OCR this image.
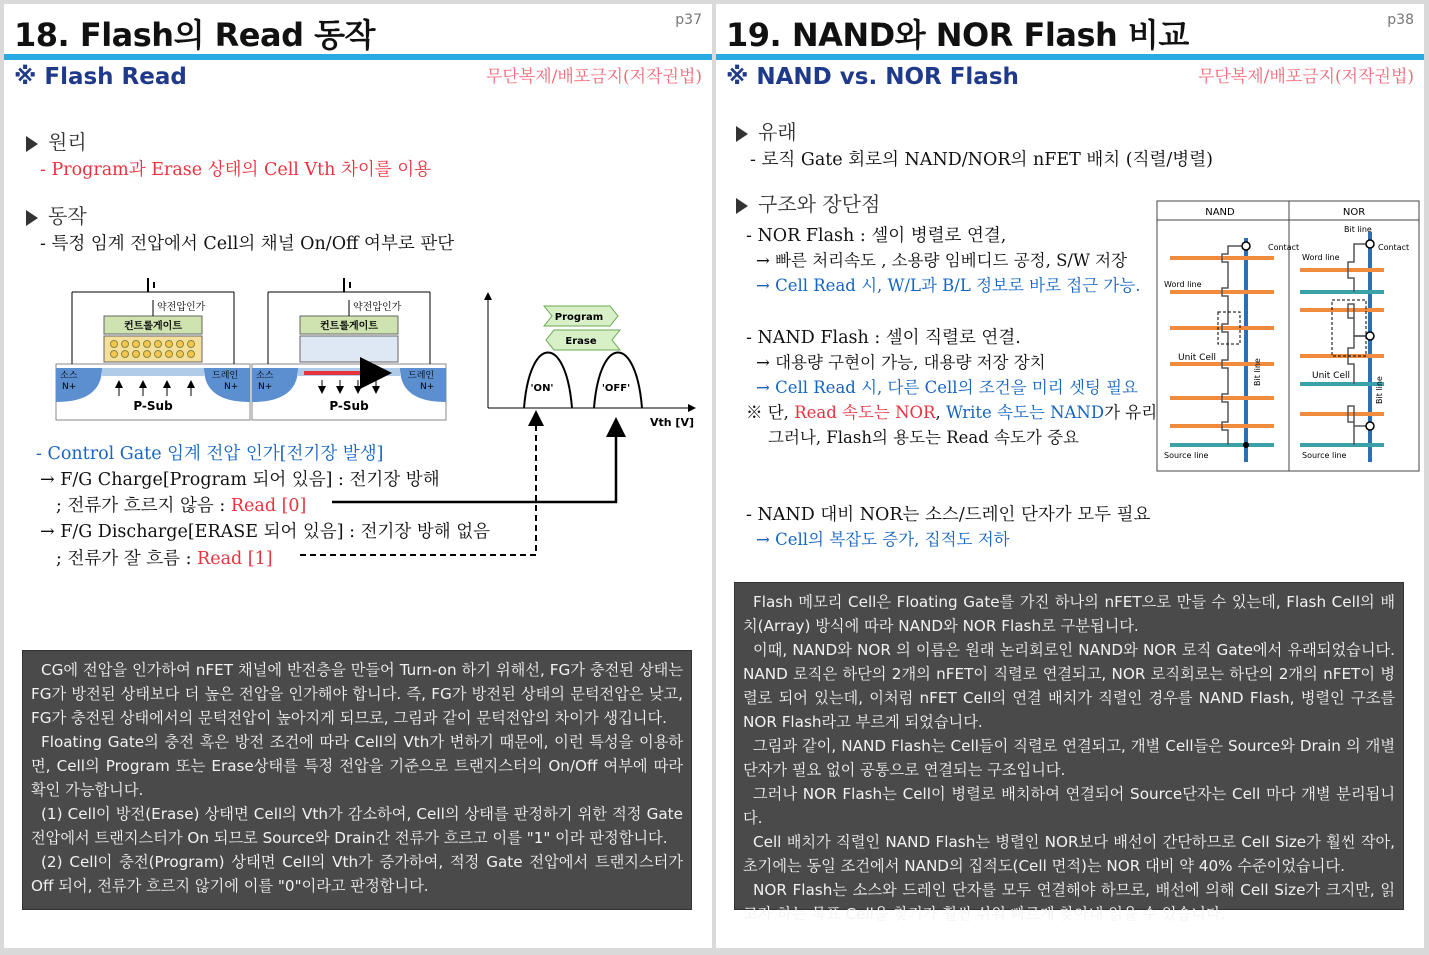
18. Flash의 Read 동작	p37
※ Flash Read	무단복제/배포금지(저작권법)
원리
- Program과 Erase 상태의 Cell Vth 차이를 이용
동작
- 특정 임계 전압에서 Cell의 채널 On/Off 여부로 판단
컨트롤게이트
약전압인가
소스
N+
드레인
N+
P-Sub
컨트롤게이트
약전압인가
소스
N+
드레인
N+
P-Sub
Program
Erase
'ON'	'OFF'
Vth [V]
- Control Gate 임계 전압 인가[전기장 발생]
→ F/G Charge[Program 되어 있음] : 전기장 방해
; 전류가 흐르지 않음 : Read [0]
→ F/G Discharge[ERASE 되어 있음] : 전기장 방해 없음
; 전류가 잘 흐름 : Read [1]

CG에 전압을 인가하여 nFET 채널에 반전층을 만들어 Turn-on 하기 위해선, FG가 충전된 상태는 FG가 방전된 상태보다 더 높은 전압을 인가해야 합니다. 즉, FG가 방전된 상태의 문턱전압은 낮고, FG가 충전된 상태에서의 문턱전압이 높아지게 되므로, 그림과 같이 문턱전압의 차이가 생깁니다.

Floating Gate의 충전 혹은 방전 조건에 따라 Cell의 Vth가 변하기 때문에, 이런 특성을 이용하면, Cell의 Program 또는 Erase상태를 특정 전압을 기준으로 트랜지스터의 On/Off 여부에 따라 확인 가능합니다.

(1) Cell이 방전(Erase) 상태면 Cell의 Vth가 감소하여, Cell의 상태를 판정하기 위한 적정 Gate 전압에서 트랜지스터가 On 되므로 Source와 Drain간 전류가 흐르고 이를 "1" 이라 판정합니다.

(2) Cell이 충전(Program) 상태면 Cell의 Vth가 증가하여, 적정 Gate 전압에서 트랜지스터가 Off 되어, 전류가 흐르지 않기에 이를 "0"이라고 판정합니다.

19. NAND와 NOR Flash 비교	p38
※ NAND vs. NOR Flash	무단복제/배포금지(저작권법)
유래
- 로직 Gate 회로의 NAND/NOR의 nFET 배치 (직렬/병렬)
구조와 장단점
- NOR Flash : 셀이 병렬로 연결,
→ 빠른 처리속도 , 소용량 임베디드 공정, S/W 저장
→ Cell Read 시, W/L과 B/L 정보로 바로 접근 가능.
- NAND Flash : 셀이 직렬로 연결.
→ 대용량 구현이 가능, 대용량 저장 장치
→ Cell Read 시, 다른 Cell의 조건을 미리 셋팅 필요
※ 단, Read 속도는 NOR, Write 속도는 NAND가 유리
그러나, Flash의 용도는 Read 속도가 중요
NAND	NOR
Contact
Word line
Unit Cell
Bit line
Source line
Bit line
Contact
Word line
Unit Cell
Bit line
Source line
- NAND 대비 NOR는 소스/드레인 단자가 모두 필요
→ Cell의 복잡도 증가, 집적도 저하

Flash 메모리 Cell은 Floating Gate를 가진 하나의 nFET으로 만들 수 있는데, Flash Cell의 배치(Array) 방식에 따라 NAND와 NOR Flash로 구분됩니다.

이때, NAND와 NOR 의 이름은 원래 논리회로인 NAND와 NOR 로직 Gate에서 유래되었습니다. NAND 로직은 하단의 2개의 nFET이 직렬로 연결되고, NOR 로직회로는 하단의 2개의 nFET이 병렬로 되어 있는데, 이처럼 nFET Cell의 연결 배치가 직렬인 경우를 NAND Flash, 병렬인 구조를 NOR Flash라고 부르게 되었습니다.

그림과 같이, NAND Flash는 Cell들이 직렬로 연결되고, 개별 Cell들은 Source와 Drain 의 개별 단자가 필요 없이 공통으로 연결되는 구조입니다.

그러나 NOR Flash는 Cell이 병렬로 배치하여 연결되어 Source단자는 Cell 마다 개별 분리됩니다.

Cell 배치가 직렬인 NAND Flash는 병렬인 NOR보다 배선이 간단하므로 Cell Size가 훨씬 작아, 초기에는 동일 조건에서 NAND의 집적도(Cell 면적)는 NOR 대비 약 40% 수준이었습니다.

NOR Flash는 소스와 드레인 단자를 모두 연결해야 하므로, 배선에 의해 Cell Size가 크지만, 읽고자 하는 목표 Cell을 찾기가 훨씬 쉬워 빠르게 찾아내 읽을 수 있습니다.
